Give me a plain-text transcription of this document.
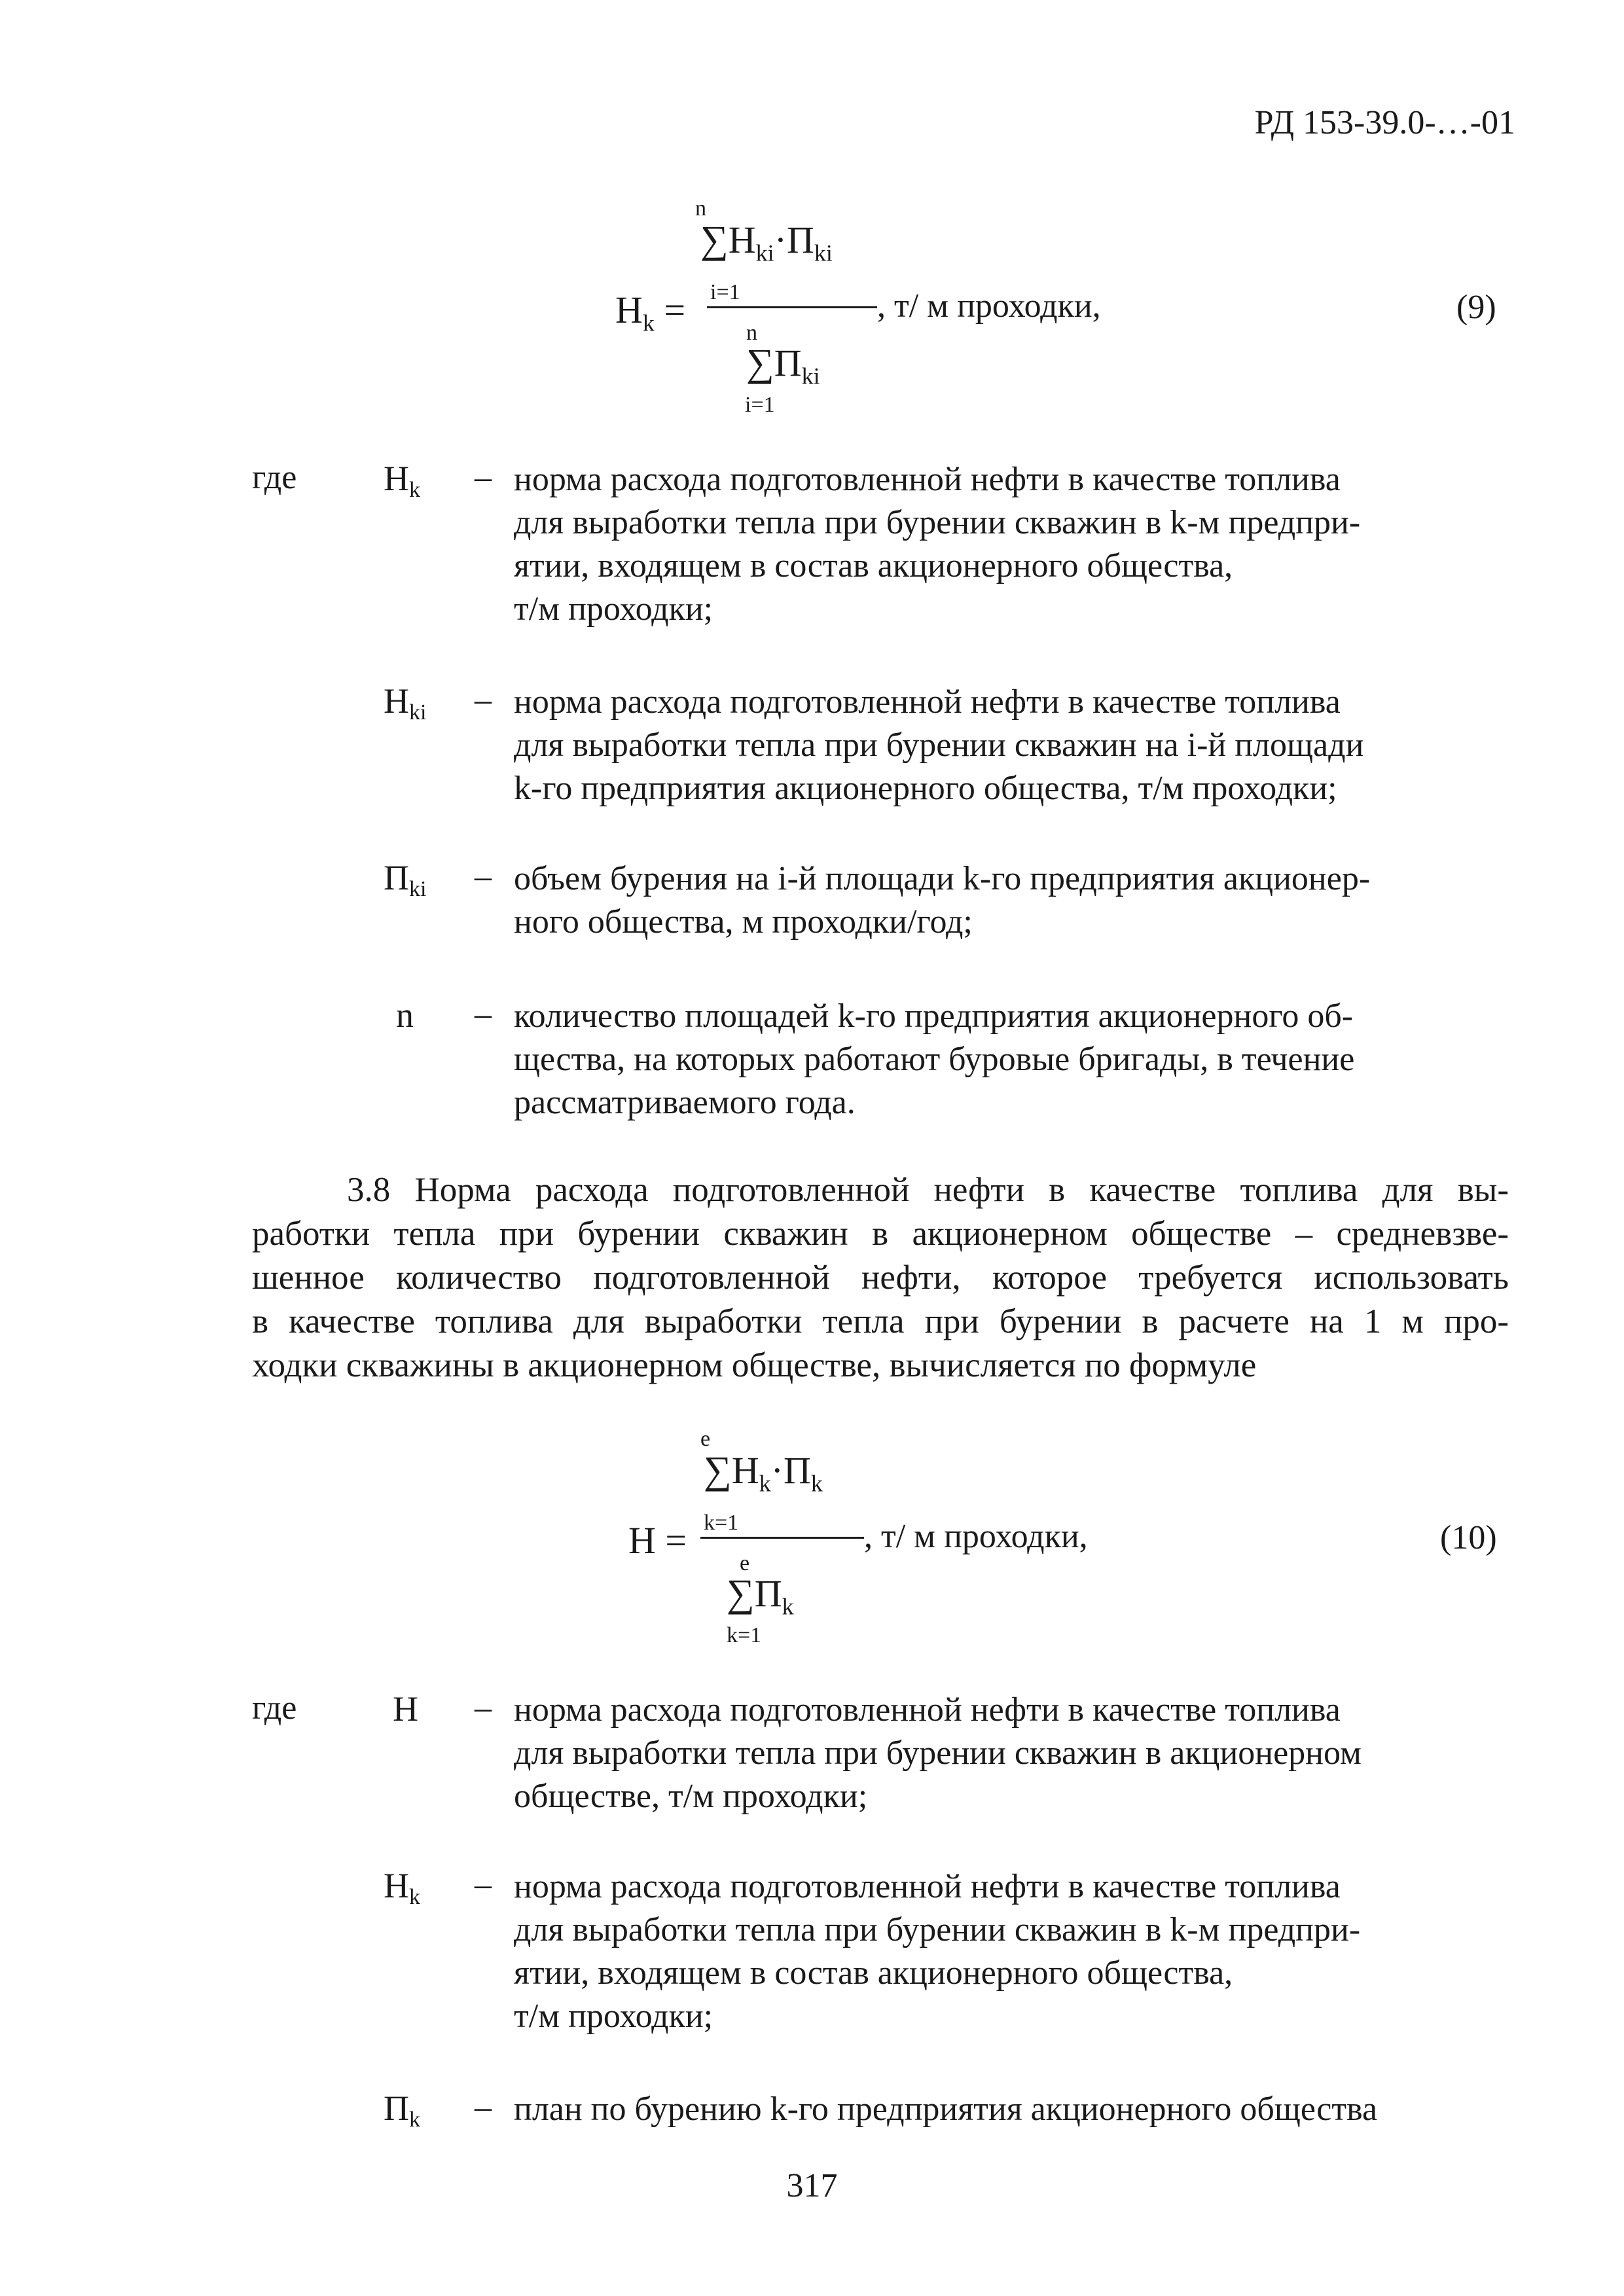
РД 153-39.0-…-01
n
$\sum Н_{ki}\cdot П_{ki}$
i=1
$Н_k$ =	, т/ м проходки,
n
$\sum П_{ki}$
i=1
(9)
где $Н_k$ – норма расхода подготовленной нефти в качестве топлива
для выработки тепла при бурении скважин в k-м предпри-
ятии, входящем в состав акционерного общества,
т/м проходки;
$Н_{ki}$ – норма расхода подготовленной нефти в качестве топлива
для выработки тепла при бурении скважин на i-й площади
k-го предприятия акционерного общества, т/м проходки;
$П_{ki}$ – объем бурения на i-й площади k-го предприятия акционер-
ного общества, м проходки/год;
n – количество площадей k-го предприятия акционерного об-
щества, на которых работают буровые бригады, в течение
рассматриваемого года.
3.8 Норма расхода подготовленной нефти в качестве топлива для вы-
работки тепла при бурении скважин в акционерном обществе – средневзве-
шенное количество подготовленной нефти, которое требуется использовать
в качестве топлива для выработки тепла при бурении в расчете на 1 м про-
ходки скважины в акционерном обществе, вычисляется по формуле
e
$\sum Н_k\cdot П_k$
k=1
Н =	, т/ м проходки,
e
$\sum П_k$
k=1
(10)
где	Н – норма расхода подготовленной нефти в качестве топлива
для выработки тепла при бурении скважин в акционерном
обществе, т/м проходки;
$Н_k$ – норма расхода подготовленной нефти в качестве топлива
для выработки тепла при бурении скважин в k-м предпри-
ятии, входящем в состав акционерного общества,
т/м проходки;
$П_k$ – план по бурению k-го предприятия акционерного общества
317
